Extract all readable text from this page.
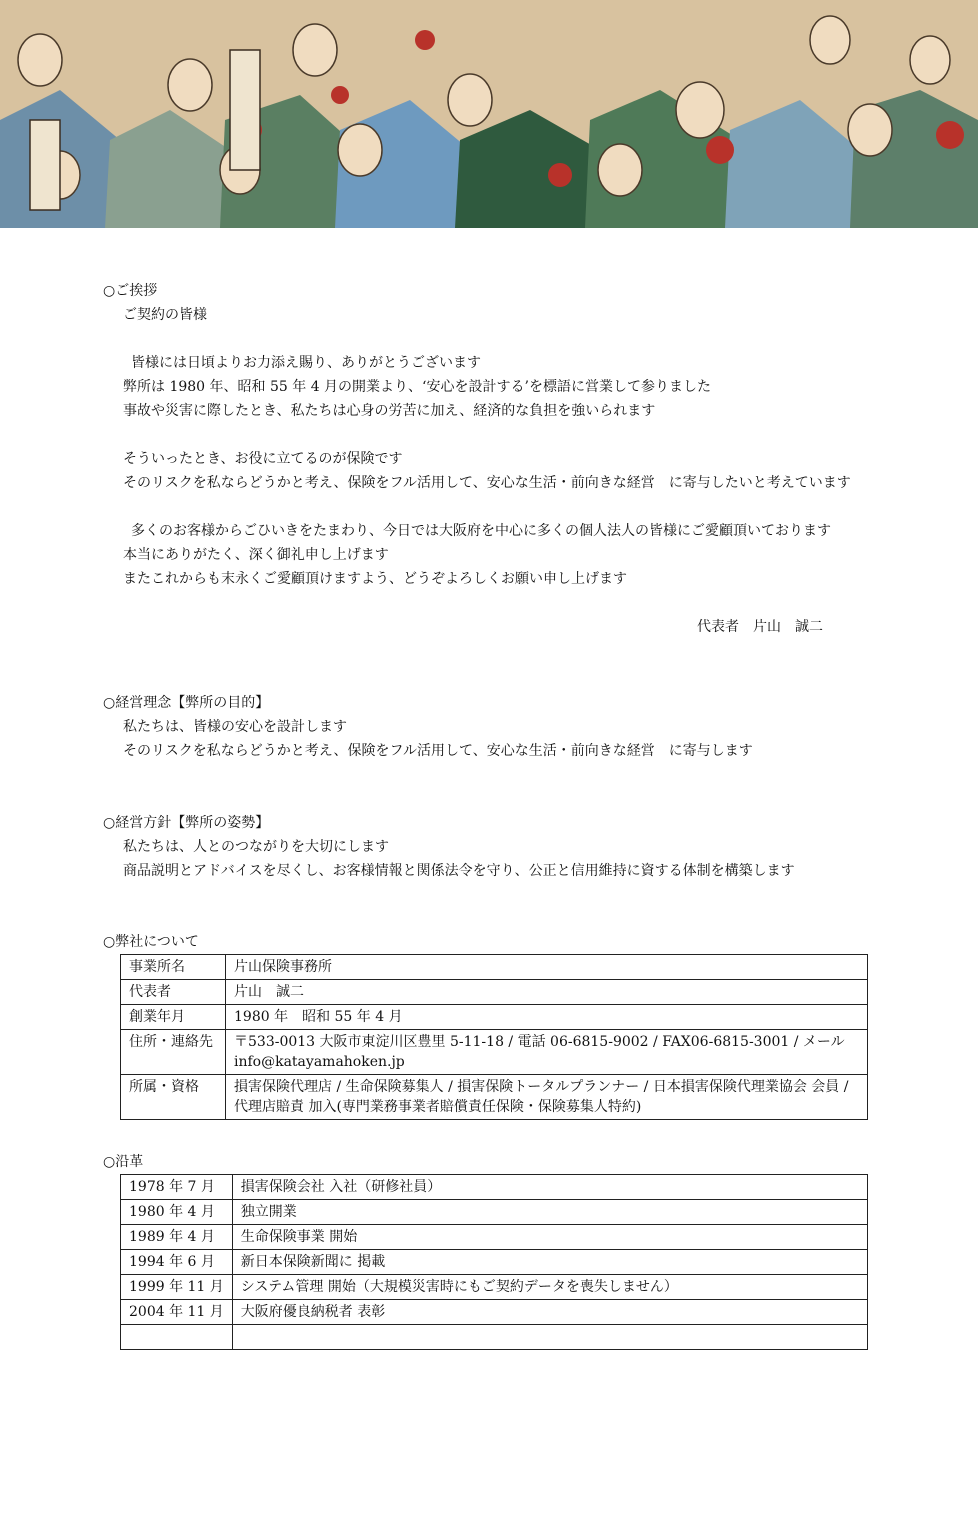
○ご挨拶
ご契約の皆様
皆様には日頃よりお力添え賜り、ありがとうございます
弊所は 1980 年、昭和 55 年 4 月の開業より、‘安心を設計する’を標語に営業して参りました
事故や災害に際したとき、私たちは心身の労苦に加え、経済的な負担を強いられます
そういったとき、お役に立てるのが保険です
そのリスクを私ならどうかと考え、保険をフル活用して、安心な生活・前向きな経営　に寄与したいと考えています
多くのお客様からごひいきをたまわり、今日では大阪府を中心に多くの個人法人の皆様にご愛顧頂いております
本当にありがたく、深く御礼申し上げます
またこれからも末永くご愛顧頂けますよう、どうぞよろしくお願い申し上げます
代表者　片山　誠二
○経営理念【弊所の目的】
私たちは、皆様の安心を設計します
そのリスクを私ならどうかと考え、保険をフル活用して、安心な生活・前向きな経営　に寄与します
○経営方針【弊所の姿勢】
私たちは、人とのつながりを大切にします
商品説明とアドバイスを尽くし、お客様情報と関係法令を守り、公正と信用維持に資する体制を構築します
○弊社について
事業所名	片山保険事務所
代表者	片山　誠二
創業年月	1980 年　昭和 55 年 4 月
住所・連絡先	〒533-0013 大阪市東淀川区豊里 5-11-18 / 電話 06-6815-9002 / FAX06-6815-3001 / メール info@katayamahoken.jp
所属・資格	損害保険代理店 / 生命保険募集人 / 損害保険トータルプランナー / 日本損害保険代理業協会 会員 / 代理店賠責 加入(専門業務事業者賠償責任保険・保険募集人特約)
○沿革
1978 年 7 月	損害保険会社 入社（研修社員）
1980 年 4 月	独立開業
1989 年 4 月	生命保険事業 開始
1994 年 6 月	新日本保険新聞に 掲載
1999 年 11 月	システム管理 開始（大規模災害時にもご契約データを喪失しません）
2004 年 11 月	大阪府優良納税者 表彰
